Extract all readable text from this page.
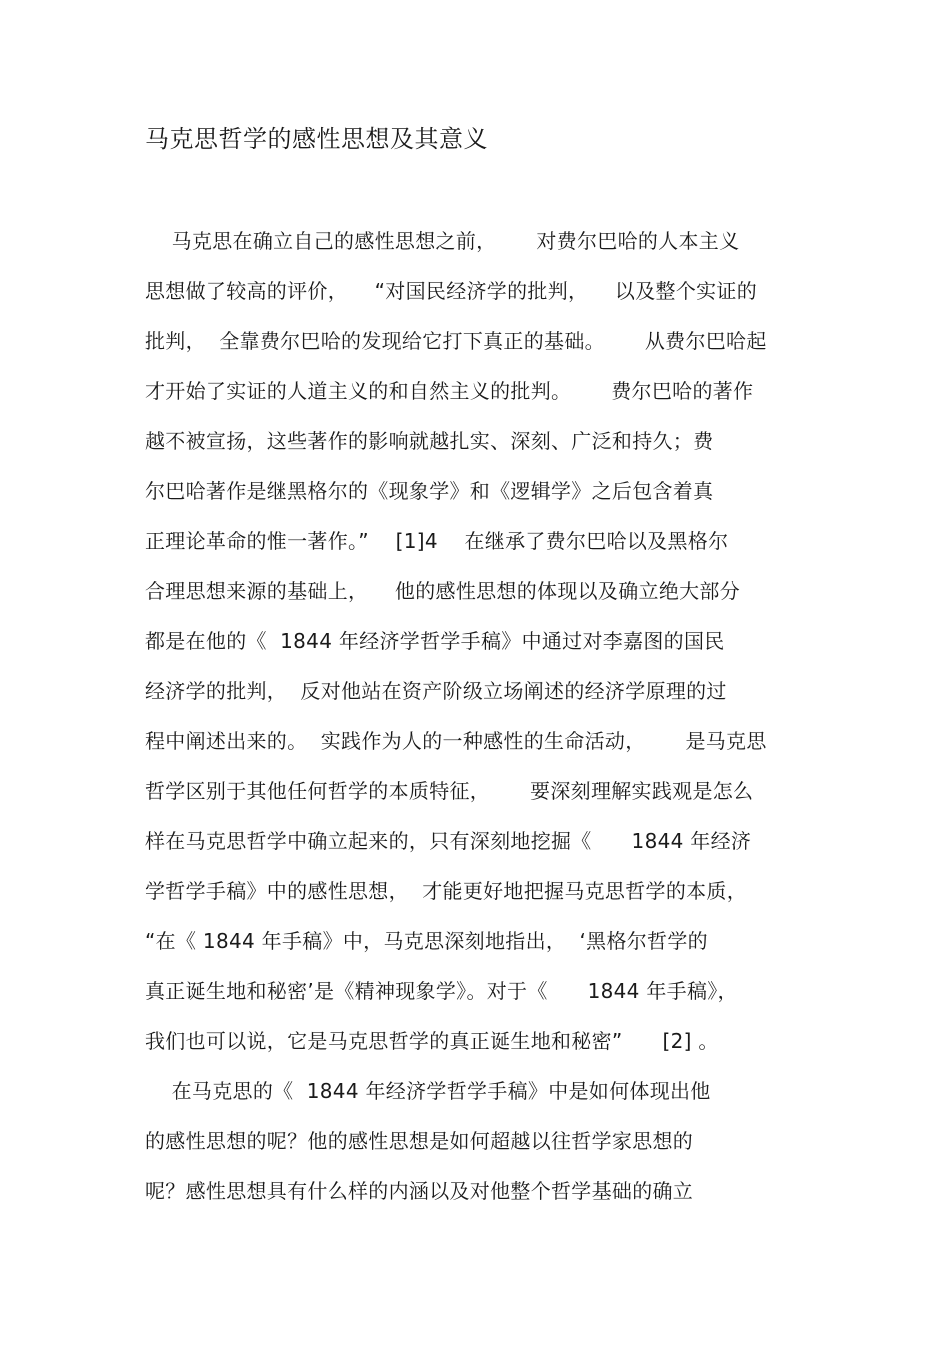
马克思哲学的感性思想及其意义
马克思在确立自己的感性思想之前，      对费尔巴哈的人本主义
思想做了较高的评价，    “对国民经济学的批判，    以及整个实证的
批判，  全靠费尔巴哈的发现给它打下真正的基础。      从费尔巴哈起
才开始了实证的人道主义的和自然主义的批判。      费尔巴哈的著作
越不被宣扬，这些著作的影响就越扎实、深刻、广泛和持久；费
尔巴哈著作是继黑格尔的《现象学》和《逻辑学》之后包含着真
正理论革命的惟一著作。”    [1]4    在继承了费尔巴哈以及黑格尔
合理思想来源的基础上，    他的感性思想的体现以及确立绝大部分
都是在他的《  1844 年经济学哲学手稿》中通过对李嘉图的国民
经济学的批判，  反对他站在资产阶级立场阐述的经济学原理的过
程中阐述出来的。  实践作为人的一种感性的生命活动，      是马克思
哲学区别于其他任何哲学的本质特征，      要深刻理解实践观是怎么
样在马克思哲学中确立起来的，只有深刻地挖掘《      1844 年经济
学哲学手稿》中的感性思想，  才能更好地把握马克思哲学的本质，
“在《 1844 年手稿》中，马克思深刻地指出，  ‘黑格尔哲学的
真正诞生地和秘密’是《精神现象学》。对于《      1844 年手稿》，
我们也可以说，它是马克思哲学的真正诞生地和秘密”      [2] 。
在马克思的《  1844 年经济学哲学手稿》中是如何体现出他
的感性思想的呢？他的感性思想是如何超越以往哲学家思想的
呢？感性思想具有什么样的内涵以及对他整个哲学基础的确立
